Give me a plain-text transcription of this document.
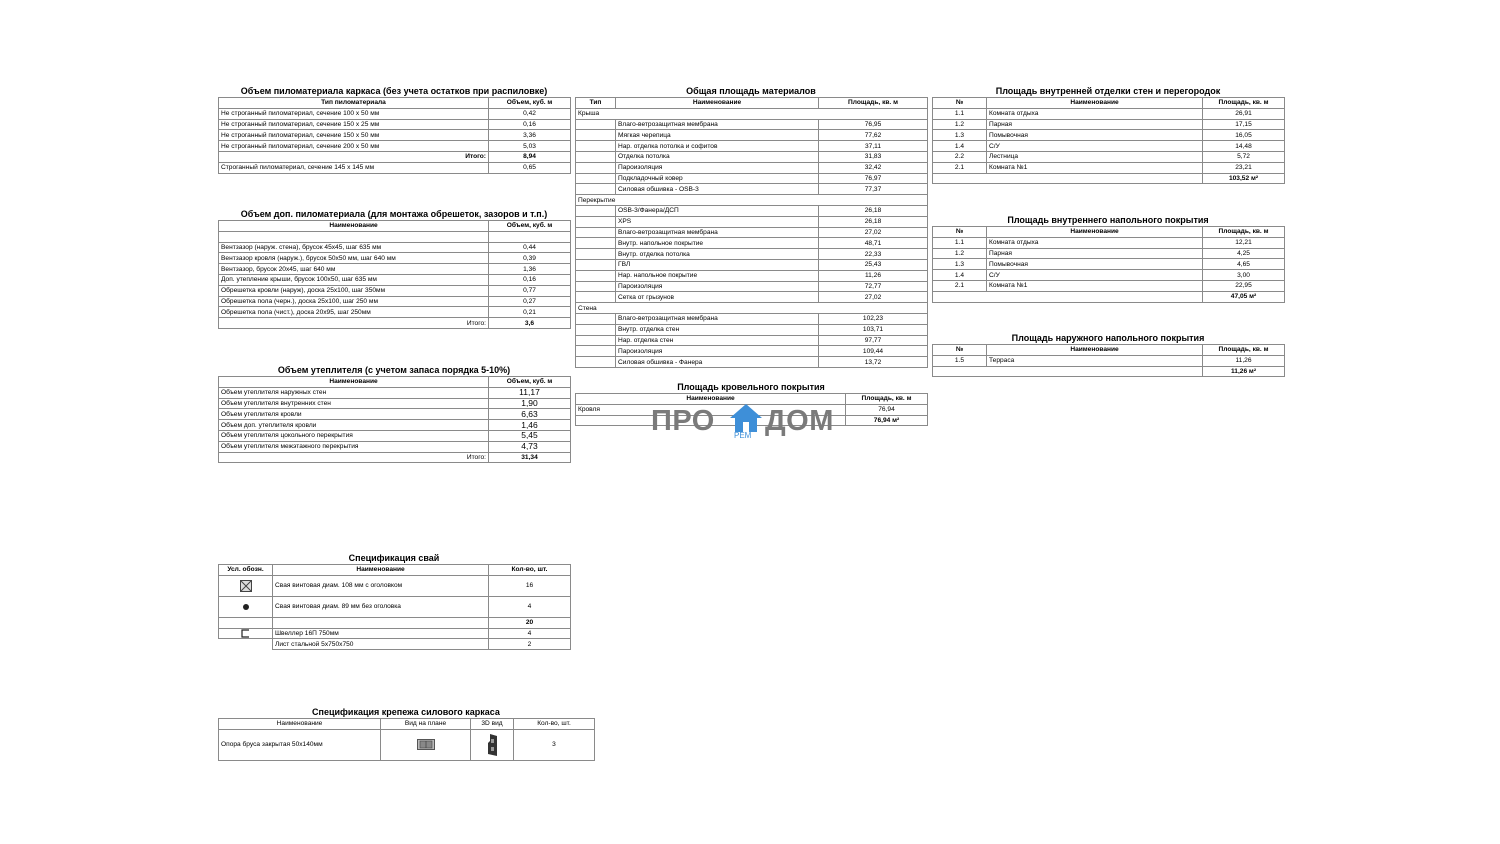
Объем пиломатериала каркаса (без учета остатков при распиловке)
Тип пиломатериала	Объем, куб. м
Не строганный пиломатериал, сечение 100 x 50 мм	0,42
Не строганный пиломатериал, сечение 150 x 25 мм	0,16
Не строганный пиломатериал, сечение 150 x 50 мм	3,36
Не строганный пиломатериал, сечение 200 x 50 мм	5,03
Итого:	8,94
Строганный пиломатериал, сечение 145 x 145 мм	0,65
Объем доп. пиломатериала (для монтажа обрешеток, зазоров и т.п.)
Наименование	Объем, куб. м

Вентзазор (наруж. стена), брусок 45x45, шаг 635 мм	0,44
Вентзазор кровля (наруж.), брусок 50x50 мм, шаг 640 мм	0,39
Вентзазор, брусок 20x45, шаг 640 мм	1,36
Доп. утепление крыши, брусок 100x50, шаг 635 мм	0,16
Обрешетка кровли (наруж), доска 25x100, шаг 350мм	0,77
Обрешетка пола (черн.), доска 25x100, шаг 250 мм	0,27
Обрешетка пола (чист.), доска 20x95, шаг 250мм	0,21
Итого:	3,6
Объем утеплителя (с учетом запаса порядка 5-10%)
Наименование	Объем, куб. м
Объем утеплителя наружных стен	11,17
Объем утеплителя внутренних стен	1,90
Объем утеплителя кровли	6,63
Объем доп. утеплителя кровли	1,46
Объем утеплителя цокольного перекрытия	5,45
Объем утеплителя межэтажного перекрытия	4,73
Итого:	31,34
Общая площадь материалов
Тип	Наименование	Площадь, кв. м
Крыша		
	Влаго-ветрозащитная мембрана	76,95
	Мягкая черепица	77,62
	Нар. отделка потолка и софитов	37,11
	Отделка потолка	31,83
	Пароизоляция	32,42
	Подкладочный ковер	76,97
	Силовая обшивка - OSB-3	77,37
Перекрытие		
	OSB-3/Фанера/ДСП	26,18
	XPS	26,18
	Влаго-ветрозащитная мембрана	27,02
	Внутр. напольное покрытие	48,71
	Внутр. отделка потолка	22,33
	ГВЛ	25,43
	Нар. напольное покрытие	11,26
	Пароизоляция	72,77
	Сетка от грызунов	27,02
Стена		
	Влаго-ветрозащитная мембрана	102,23
	Внутр. отделка стен	103,71
	Нар. отделка стен	97,77
	Пароизоляция	109,44
	Силовая обшивка - Фанера	13,72
Площадь кровельного покрытия
Наименование	Площадь, кв. м
Кровля	76,94
	76,94 м²
Площадь внутренней отделки стен и перегородок
№	Наименование	Площадь, кв. м
1.1	Комната отдыха	26,91
1.2	Парная	17,15
1.3	Помывочная	16,05
1.4	С/У	14,48
2.2	Лестница	5,72
2.1	Комната №1	23,21
		103,52 м²
Площадь внутреннего напольного покрытия
№	Наименование	Площадь, кв. м
1.1	Комната отдыха	12,21
1.2	Парная	4,25
1.3	Помывочная	4,65
1.4	С/У	3,00
2.1	Комната №1	22,95
		47,05 м²
Площадь наружного напольного покрытия
№	Наименование	Площадь, кв. м
1.5	Терраса	11,26
		11,26 м²
ПРО РЕМ ДОМ
Спецификация свай
Усл. обозн.	Наименование	Кол-во, шт.

	Свая винтовая диам. 108 мм с оголовком	16

	Свая винтовая диам. 89 мм без оголовка	4
		20

	Швеллер 16П 750мм	4
	Лист стальной 5x750x750	2
Спецификация крепежа силового каркаса
Наименование	Вид на плане	3D вид	Кол-во, шт.
Опора бруса закрытая 50x140мм			3
